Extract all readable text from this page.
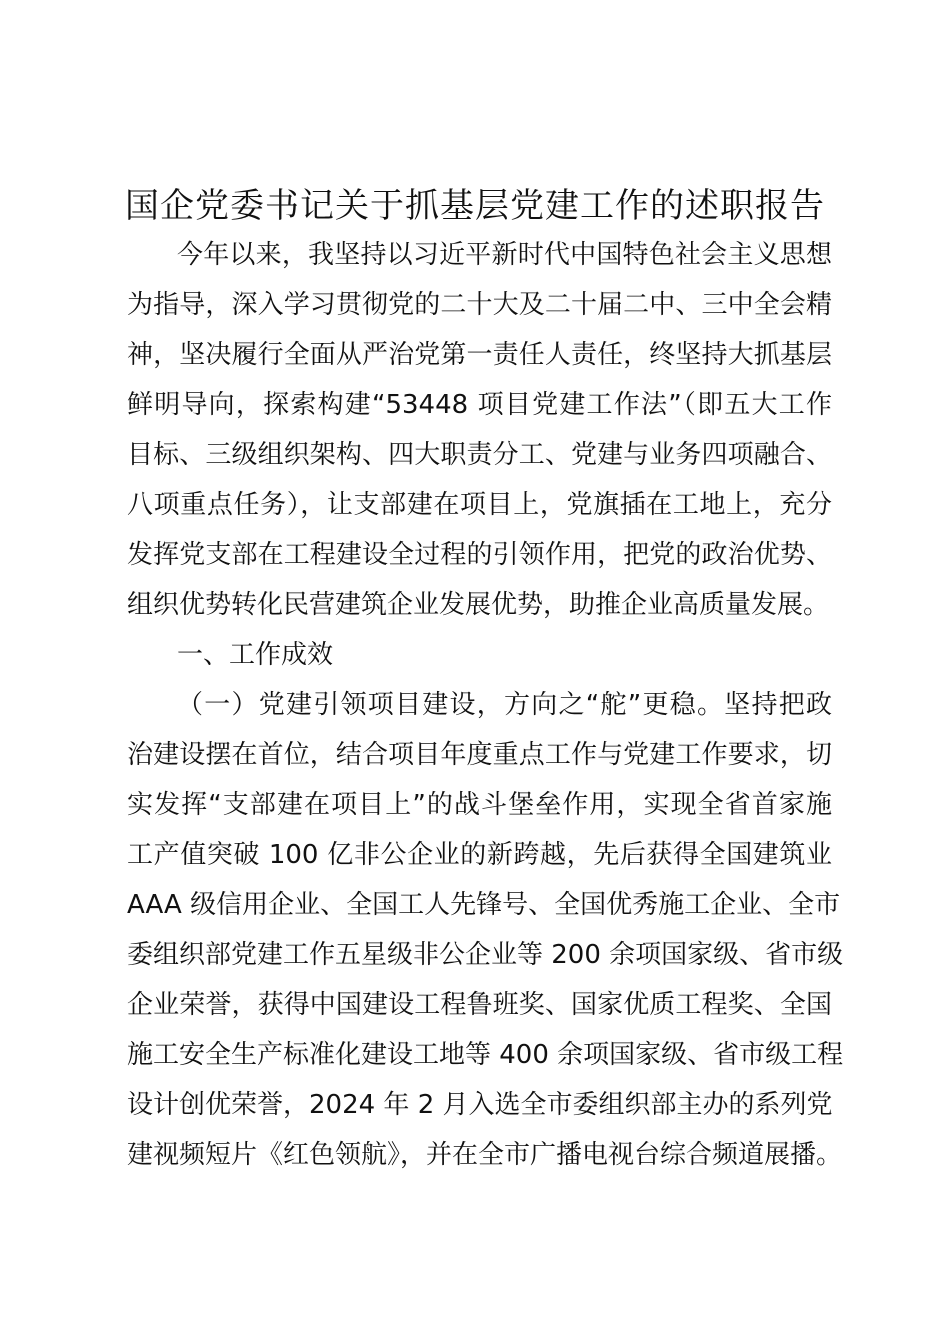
国企党委书记关于抓基层党建工作的述职报告

今年以来，我坚持以习近平新时代中国特色社会主义思想

为指导，深入学习贯彻党的二十大及二十届二中、三中全会精

神，坚决履行全面从严治党第一责任人责任，终坚持大抓基层

鲜明导向，探索构建“53448 项目党建工作法”（即五大工作

目标、三级组织架构、四大职责分工、党建与业务四项融合、

八项重点任务），让支部建在项目上，党旗插在工地上，充分

发挥党支部在工程建设全过程的引领作用，把党的政治优势、

组织优势转化民营建筑企业发展优势，助推企业高质量发展。

一、工作成效

（一）党建引领项目建设，方向之“舵”更稳。坚持把政

治建设摆在首位，结合项目年度重点工作与党建工作要求，切

实发挥“支部建在项目上”的战斗堡垒作用，实现全省首家施

工产值突破 100 亿非公企业的新跨越，先后获得全国建筑业

AAA 级信用企业、全国工人先锋号、全国优秀施工企业、全市

委组织部党建工作五星级非公企业等 200 余项国家级、省市级

企业荣誉，获得中国建设工程鲁班奖、国家优质工程奖、全国

施工安全生产标准化建设工地等 400 余项国家级、省市级工程

设计创优荣誉，2024 年 2 月入选全市委组织部主办的系列党

建视频短片《红色领航》，并在全市广播电视台综合频道展播。
